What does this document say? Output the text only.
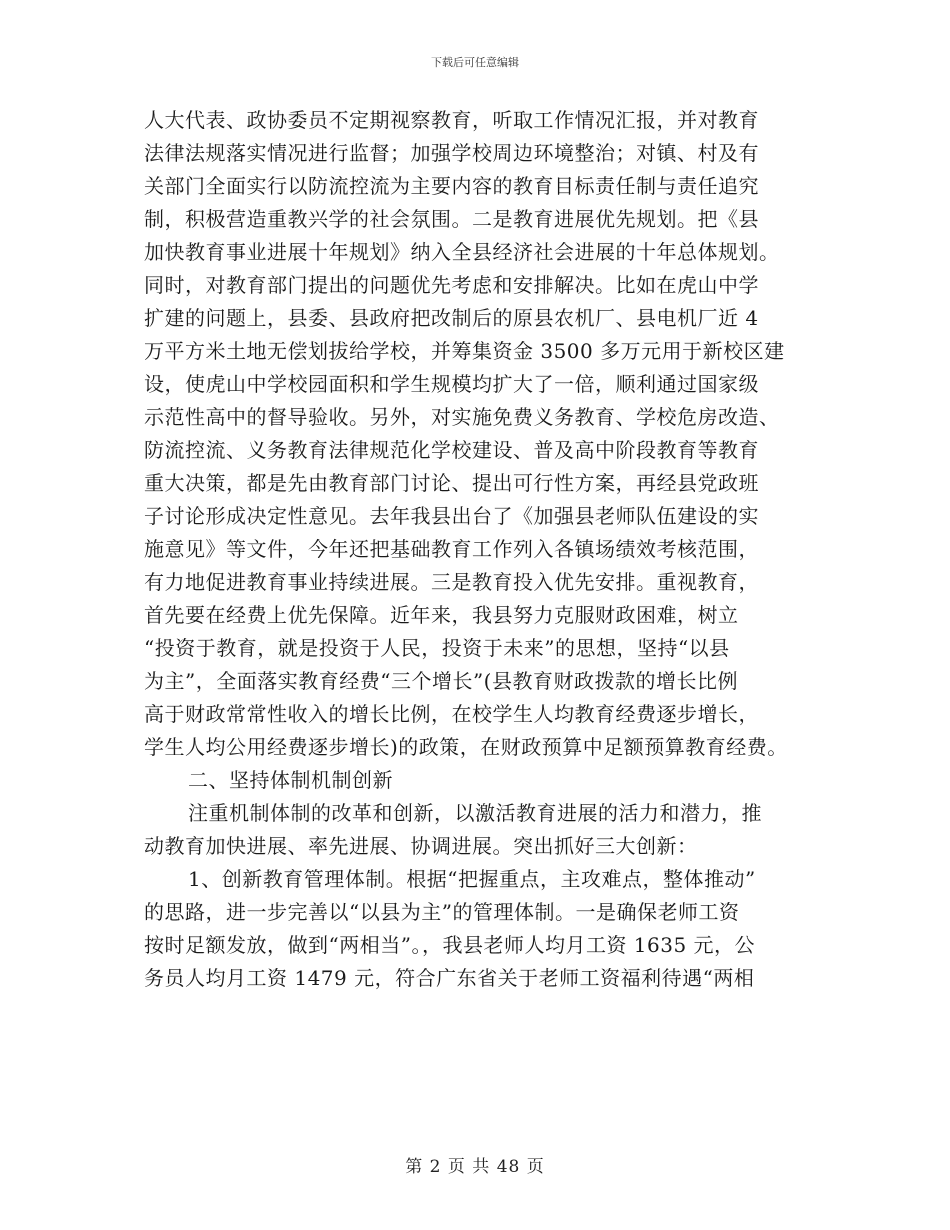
下载后可任意编辑
人大代表、政协委员不定期视察教育，听取工作情况汇报，并对教育
法律法规落实情况进行监督；加强学校周边环境整治；对镇、村及有
关部门全面实行以防流控流为主要内容的教育目标责任制与责任追究
制，积极营造重教兴学的社会氛围。二是教育进展优先规划。把《县
加快教育事业进展十年规划》纳入全县经济社会进展的十年总体规划。
同时，对教育部门提出的问题优先考虑和安排解决。比如在虎山中学
扩建的问题上，县委、县政府把改制后的原县农机厂、县电机厂近 4
万平方米土地无偿划拔给学校，并筹集资金 3500 多万元用于新校区建
设，使虎山中学校园面积和学生规模均扩大了一倍，顺利通过国家级
示范性高中的督导验收。另外，对实施免费义务教育、学校危房改造、
防流控流、义务教育法律规范化学校建设、普及高中阶段教育等教育
重大决策，都是先由教育部门讨论、提出可行性方案，再经县党政班
子讨论形成决定性意见。去年我县出台了《加强县老师队伍建设的实
施意见》等文件，今年还把基础教育工作列入各镇场绩效考核范围，
有力地促进教育事业持续进展。三是教育投入优先安排。重视教育，
首先要在经费上优先保障。近年来，我县努力克服财政困难，树立
“投资于教育，就是投资于人民，投资于未来”的思想，坚持“以县
为主”，全面落实教育经费“三个增长”(县教育财政拨款的增长比例
高于财政常常性收入的增长比例，在校学生人均教育经费逐步增长，
学生人均公用经费逐步增长)的政策，在财政预算中足额预算教育经费。
二、坚持体制机制创新
注重机制体制的改革和创新，以激活教育进展的活力和潜力，推
动教育加快进展、率先进展、协调进展。突出抓好三大创新：
1、创新教育管理体制。根据“把握重点，主攻难点，整体推动”
的思路，进一步完善以“以县为主”的管理体制。一是确保老师工资
按时足额发放，做到“两相当”。，我县老师人均月工资 1635 元，公
务员人均月工资 1479 元，符合广东省关于老师工资福利待遇“两相
第 2 页 共 48 页
